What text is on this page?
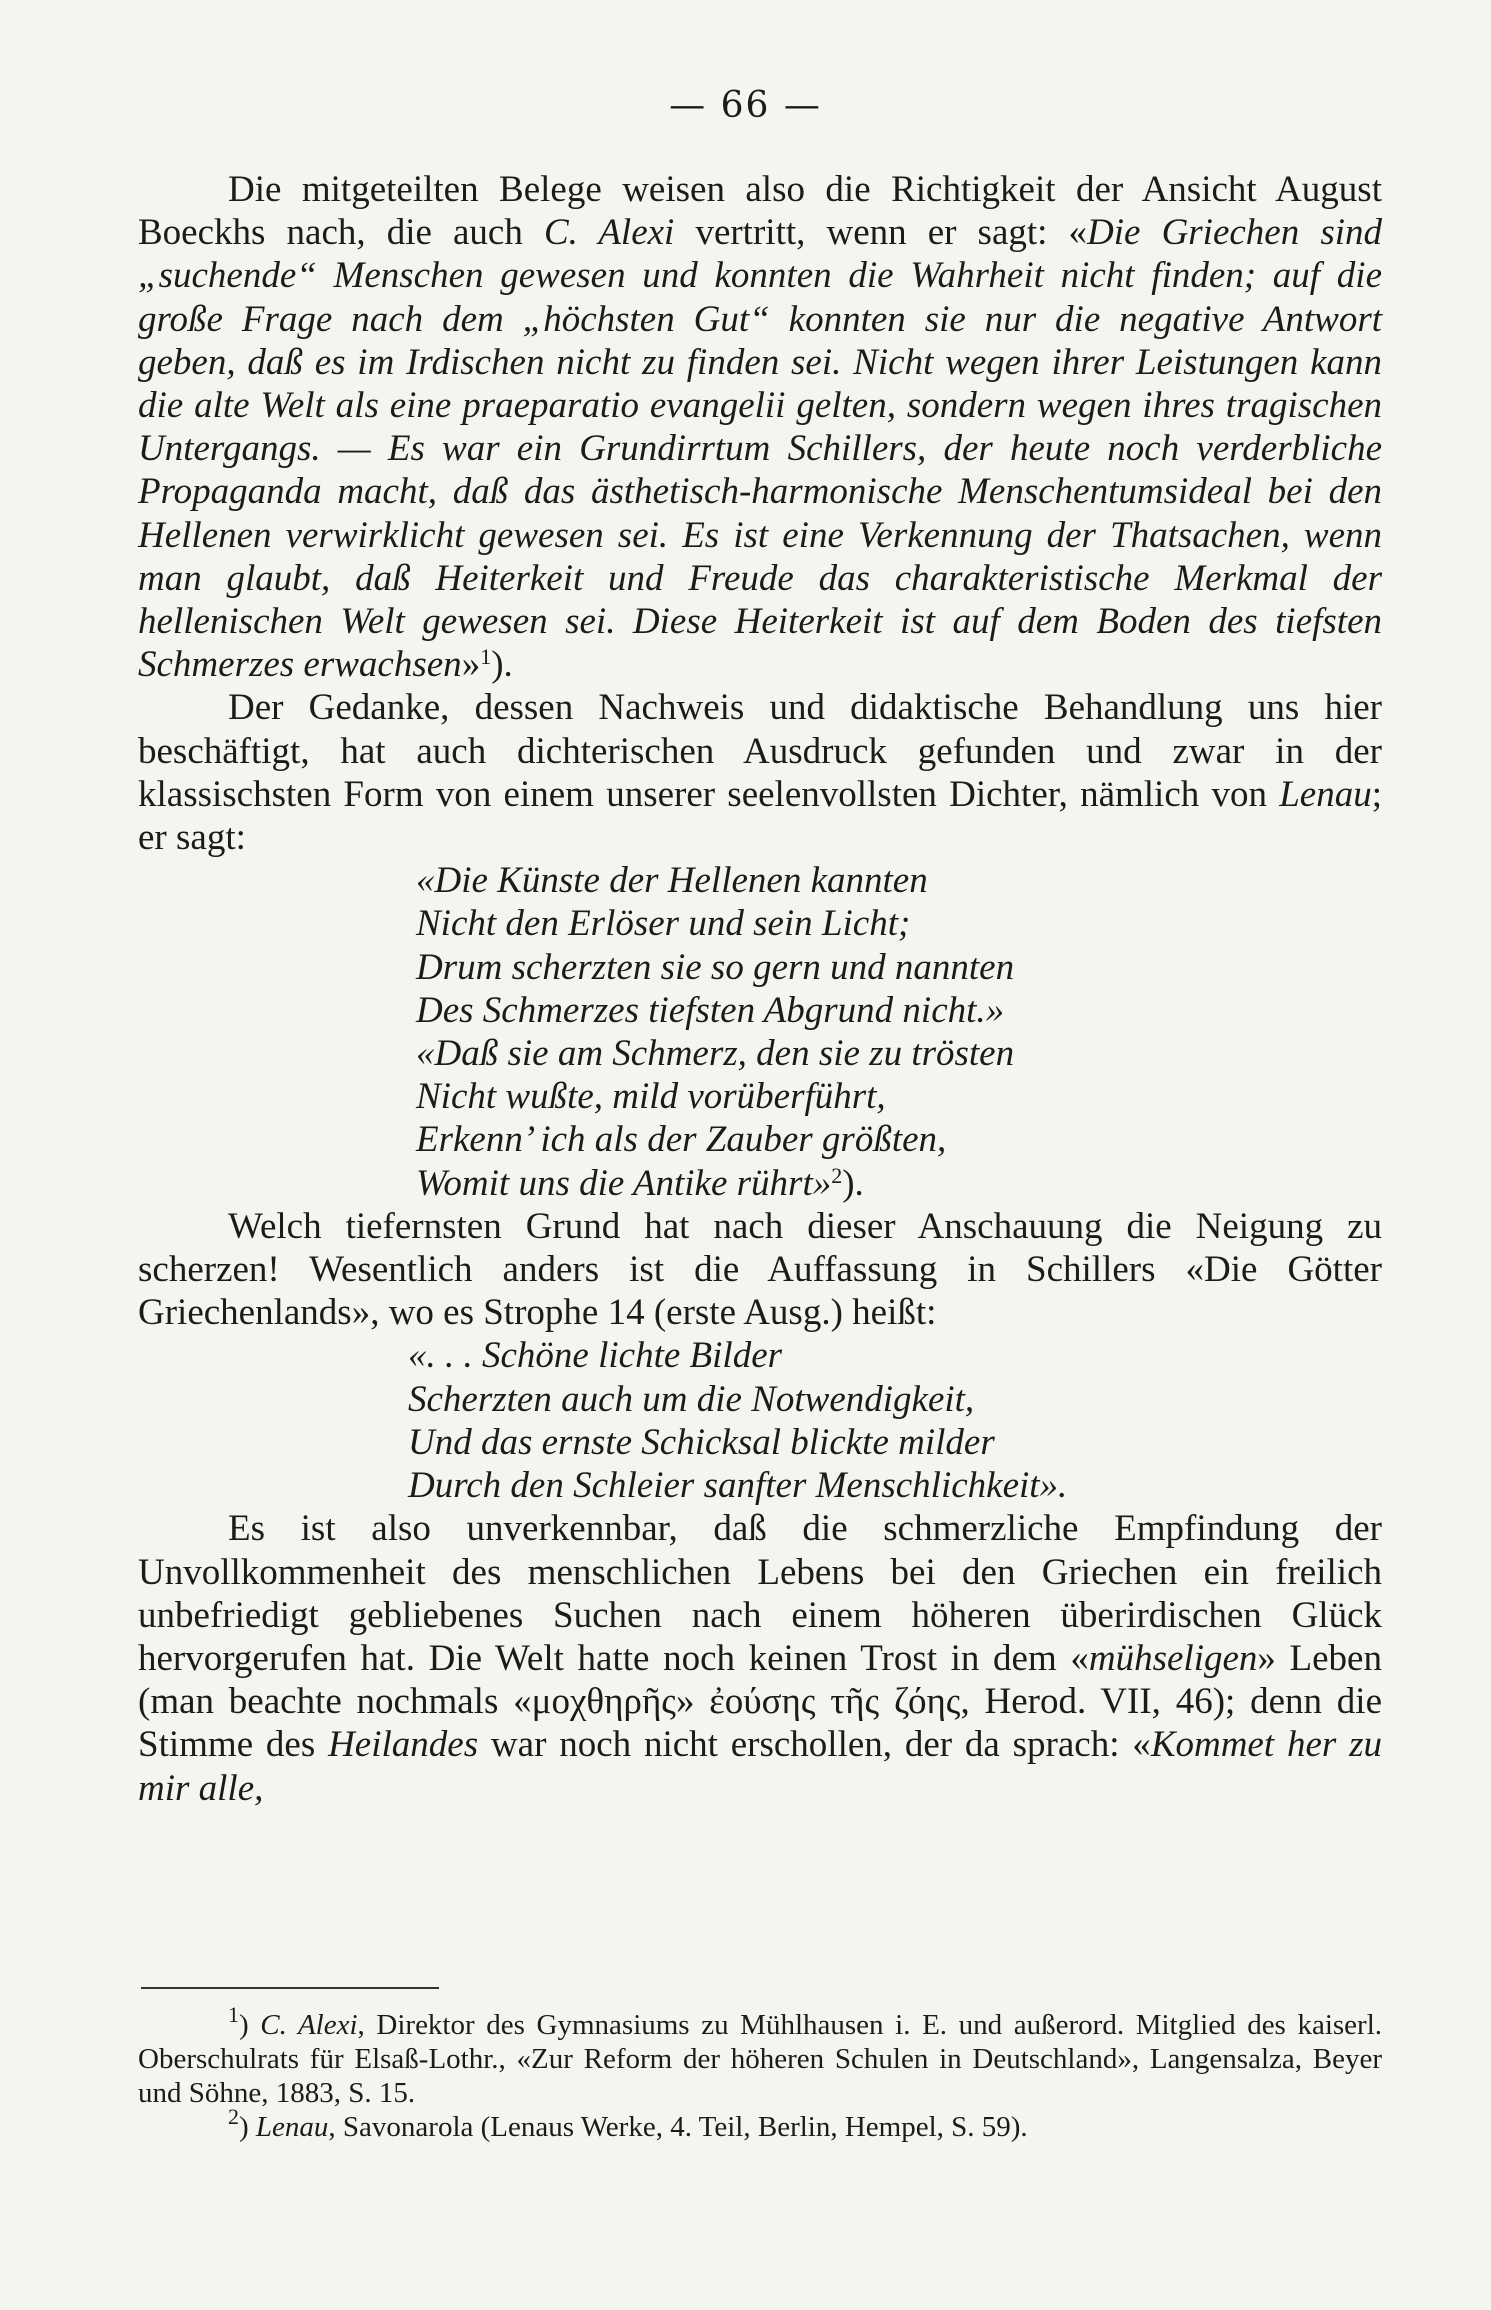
— 66 —

Die mitgeteilten Belege weisen also die Richtigkeit der Ansicht August Boeckhs nach, die auch C. Alexi vertritt, wenn er sagt: «Die Griechen sind „suchende“ Menschen gewesen und konnten die Wahrheit nicht finden; auf die große Frage nach dem „höchsten Gut“ konnten sie nur die negative Antwort geben, daß es im Irdischen nicht zu finden sei. Nicht wegen ihrer Leistungen kann die alte Welt als eine praeparatio evangelii gelten, sondern wegen ihres tragischen Untergangs. — Es war ein Grundirrtum Schillers, der heute noch verderbliche Propaganda macht, daß das ästhetisch-harmonische Menschentumsideal bei den Hellenen verwirklicht gewesen sei. Es ist eine Verkennung der Thatsachen, wenn man glaubt, daß Heiterkeit und Freude das charakteristische Merkmal der hellenischen Welt gewesen sei. Diese Heiterkeit ist auf dem Boden des tiefsten Schmerzes erwachsen»$^1$).

Der Gedanke, dessen Nachweis und didaktische Behandlung uns hier beschäftigt, hat auch dichterischen Ausdruck gefunden und zwar in der klassischsten Form von einem unserer seelenvollsten Dichter, nämlich von Lenau; er sagt:

«Die Künste der Hellenen kannten
Nicht den Erlöser und sein Licht;
Drum scherzten sie so gern und nannten
Des Schmerzes tiefsten Abgrund nicht.»
«Daß sie am Schmerz, den sie zu trösten
Nicht wußte, mild vorüberführt,
Erkenn’ ich als der Zauber größten,
Womit uns die Antike rührt»$^2$).

Welch tiefernsten Grund hat nach dieser Anschauung die Neigung zu scherzen! Wesentlich anders ist die Auffassung in Schillers «Die Götter Griechenlands», wo es Strophe 14 (erste Ausg.) heißt:

«. . . Schöne lichte Bilder
Scherzten auch um die Notwendigkeit,
Und das ernste Schicksal blickte milder
Durch den Schleier sanfter Menschlichkeit».

Es ist also unverkennbar, daß die schmerzliche Empfindung der Unvollkommenheit des menschlichen Lebens bei den Griechen ein freilich unbefriedigt gebliebenes Suchen nach einem höheren überirdischen Glück hervorgerufen hat. Die Welt hatte noch keinen Trost in dem «mühseligen» Leben (man beachte nochmals «μοχθηρῆς» ἐούσης τῆς ζόης, Herod. VII, 46); denn die Stimme des Heilandes war noch nicht erschollen, der da sprach: «Kommet her zu mir alle,

$^1$) C. Alexi, Direktor des Gymnasiums zu Mühlhausen i. E. und außerord. Mitglied des kaiserl. Oberschulrats für Elsaß-Lothr., «Zur Reform der höheren Schulen in Deutschland», Langensalza, Beyer und Söhne, 1883, S. 15.

$^2$) Lenau, Savonarola (Lenaus Werke, 4. Teil, Berlin, Hempel, S. 59).
